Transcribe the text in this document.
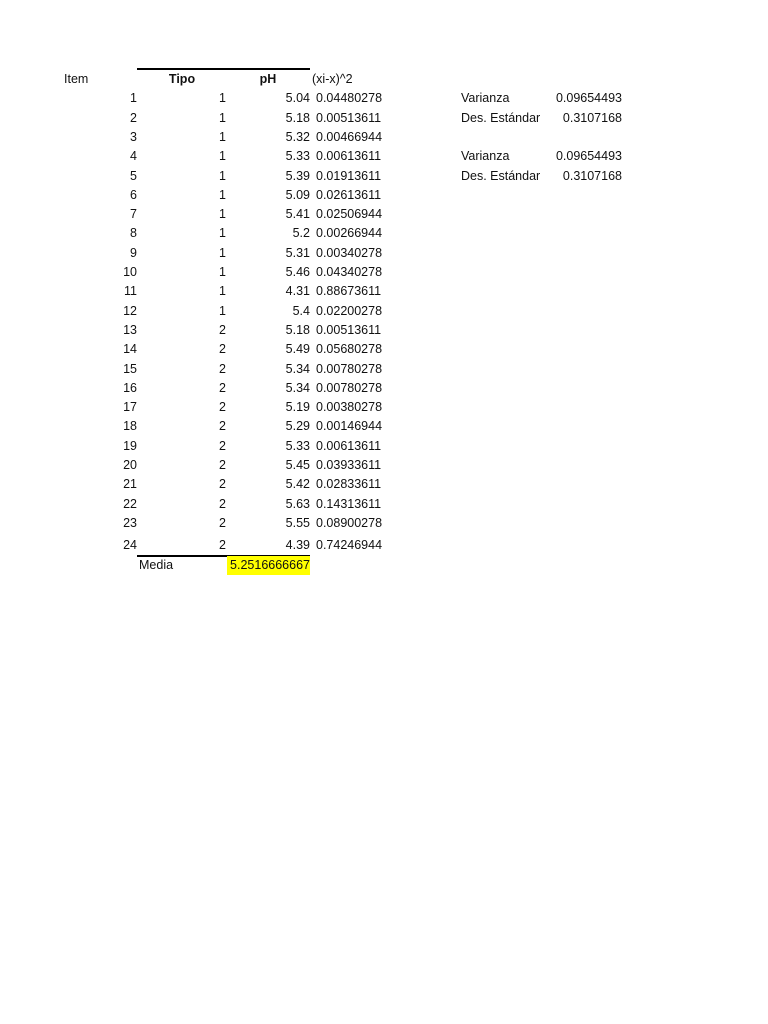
Item	Tipo	pH	(xi-x)^2
1	1	5.04 0.04480278
2	1	5.18 0.00513611
3	1	5.32 0.00466944
4	1	5.33 0.00613611
5	1	5.39 0.01913611
6	1	5.09 0.02613611
7	1	5.41 0.02506944
8	1	5.2 0.00266944
9	1	5.31 0.00340278
10	1	5.46 0.04340278
11	1	4.31 0.88673611
12	1	5.4 0.02200278
13	2	5.18 0.00513611
14	2	5.49 0.05680278
15	2	5.34 0.00780278
16	2	5.34 0.00780278
17	2	5.19 0.00380278
18	2	5.29 0.00146944
19	2	5.33 0.00613611
20	2	5.45 0.03933611
21	2	5.42 0.02833611
22	2	5.63 0.14313611
23	2	5.55 0.08900278
24	2	4.39 0.74246944
Media	5.2516666667
Varianza	0.09654493
Des. Estándar	0.3107168
Varianza	0.09654493
Des. Estándar	0.3107168
